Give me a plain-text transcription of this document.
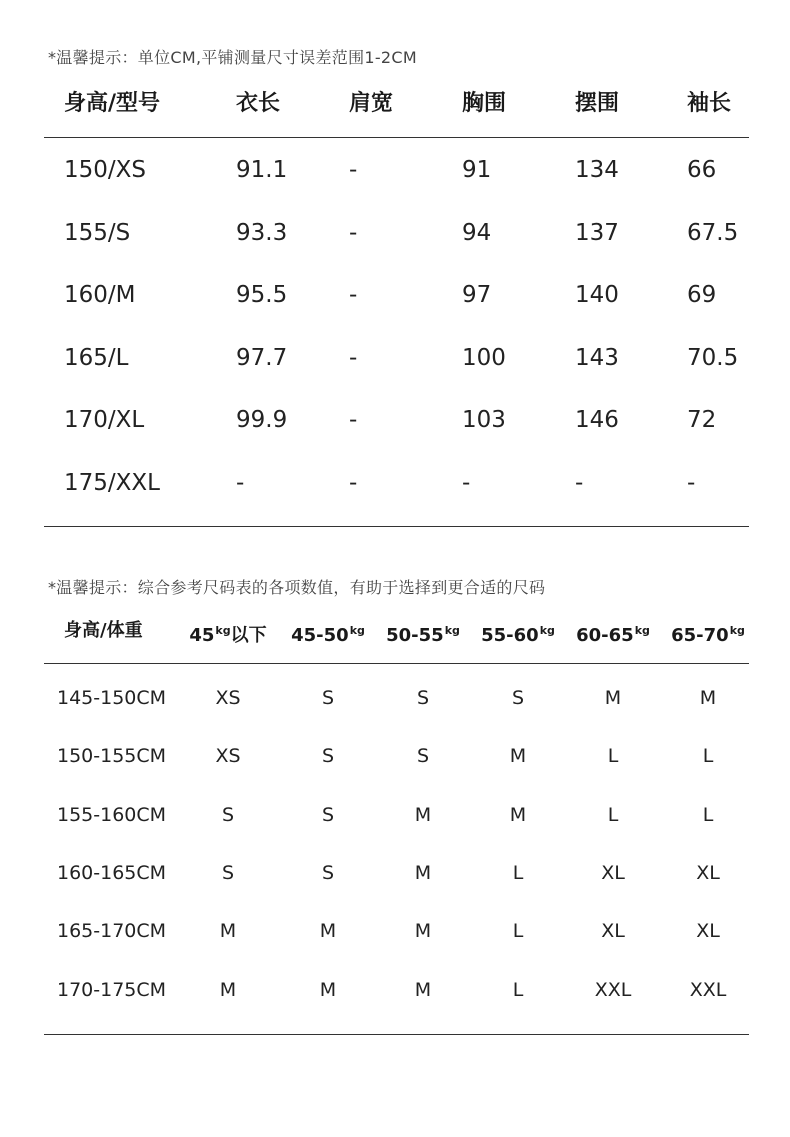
*温馨提示：单位CM,平铺测量尺寸误差范围1-2CM
身高/型号	衣长	肩宽	胸围	摆围	袖长
150/XS	91.1	-	91	134	66
155/S	93.3	-	94	137	67.5
160/M	95.5	-	97	140	69
165/L	97.7	-	100	143	70.5
170/XL	99.9	-	103	146	72
175/XXL	-	-	-	-	-
*温馨提示：综合参考尺码表的各项数值，有助于选择到更合适的尺码
身高/体重	$45^{kg}$以下 $45-50^{kg}$ $50-55^{kg}$ $55-60^{kg}$ $60-65^{kg}$ $65-70^{kg}$
145-150CM	XS	S	S	S	M	M
150-155CM	XS	S	S	M	L	L
155-160CM	S	S	M	M	L	L
160-165CM	S	S	M	L	XL	XL
165-170CM	M	M	M	L	XL	XL
170-175CM	M	M	M	L	XXL	XXL
